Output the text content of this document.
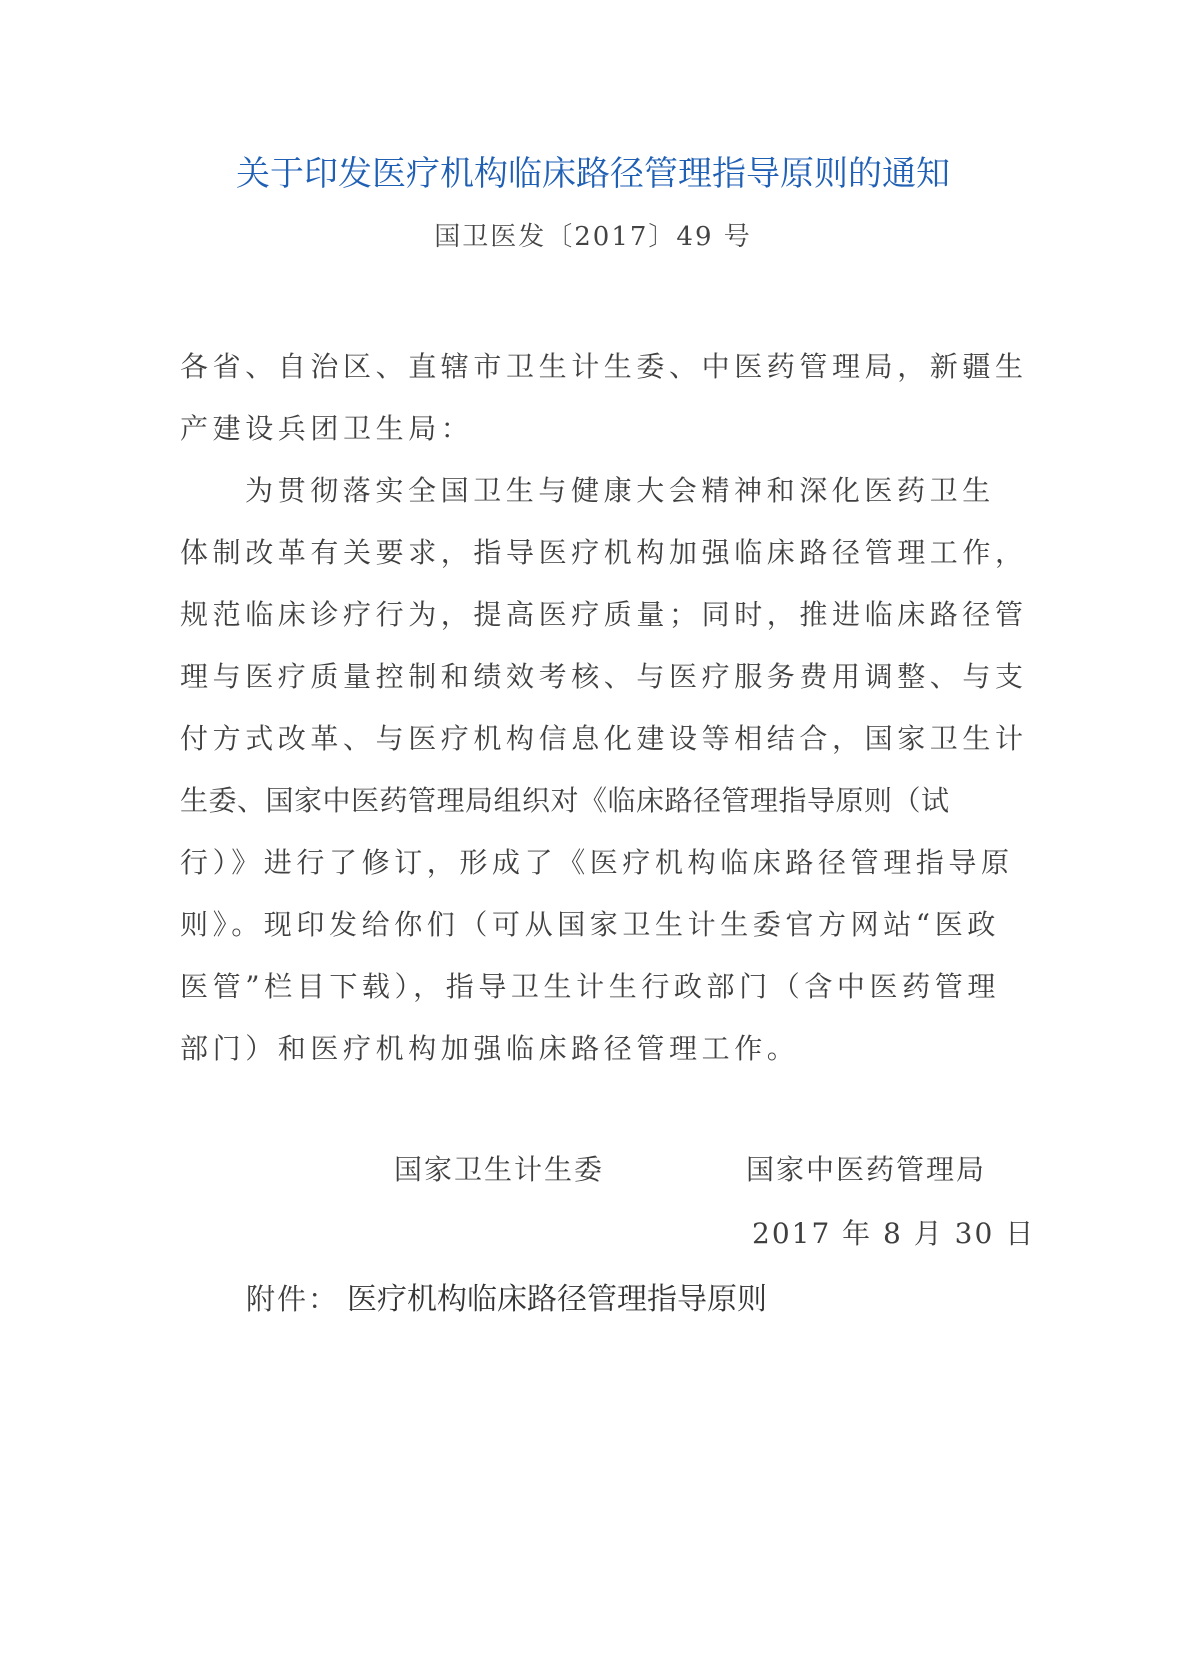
关于印发医疗机构临床路径管理指导原则的通知
国卫医发〔2017〕49 号
各省、自治区、直辖市卫生计生委、中医药管理局，新疆生
产建设兵团卫生局：
为贯彻落实全国卫生与健康大会精神和深化医药卫生

体制改革有关要求，指导医疗机构加强临床路径管理工作，
规范临床诊疗行为，提高医疗质量；同时，推进临床路径管
理与医疗质量控制和绩效考核、与医疗服务费用调整、与支
付方式改革、与医疗机构信息化建设等相结合，国家卫生计
生委、国家中医药管理局组织对《临床路径管理指导原则（试
行）》进行了修订，形成了《医疗机构临床路径管理指导原
则》。现印发给你们（可从国家卫生计生委官方网站“医政
医管”栏目下载），指导卫生计生行政部门（含中医药管理
部门）和医疗机构加强临床路径管理工作。
国家卫生计生委	国家中医药管理局
2017 年 8 月 30 日
附件： 医疗机构临床路径管理指导原则
